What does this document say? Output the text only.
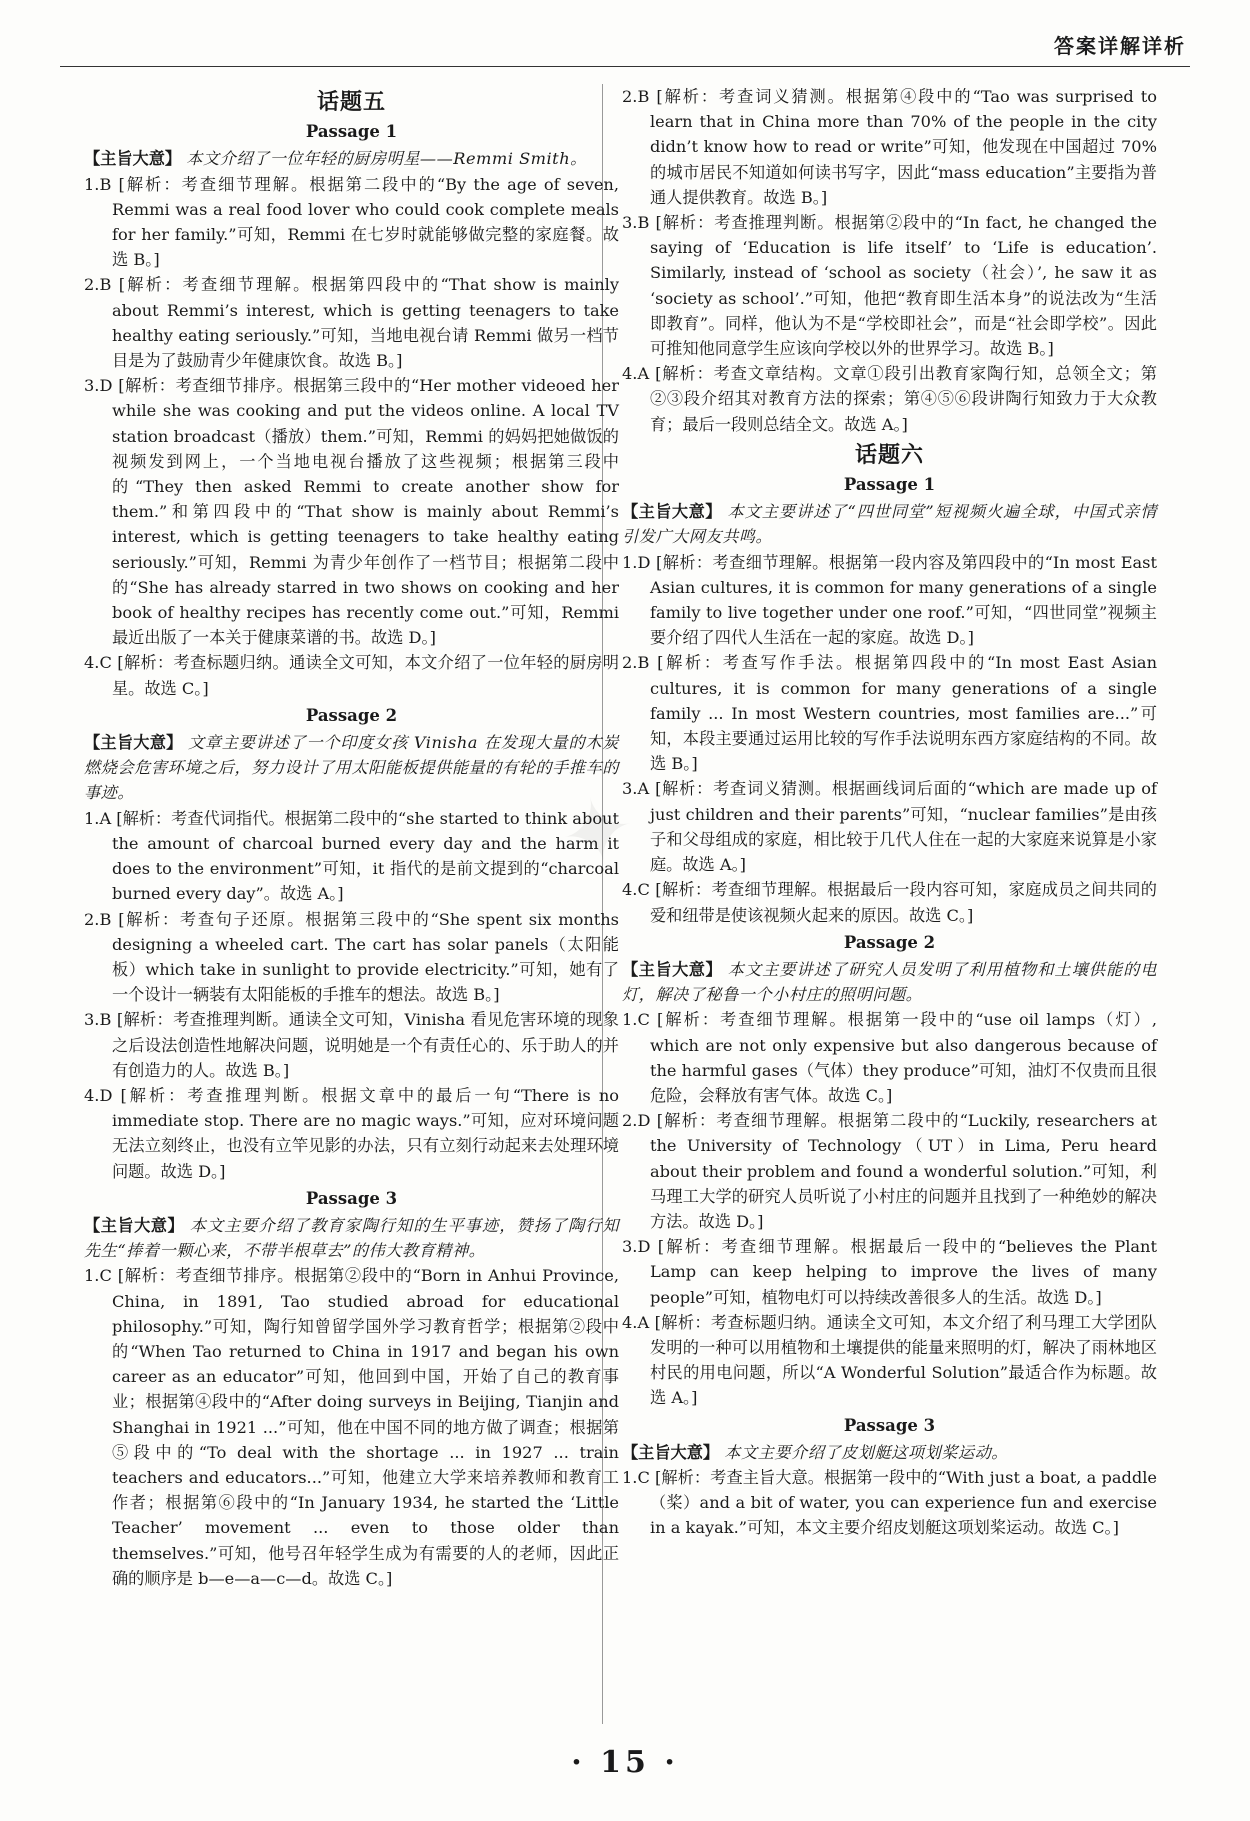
答案详解详析
✦
话题五
Passage 1

【主旨大意】 本文介绍了一位年轻的厨房明星——Remmi Smith。

1.B [解析：考查细节理解。根据第二段中的“By the age of seven, Remmi was a real food lover who could cook complete meals for her family.”可知，Remmi 在七岁时就能够做完整的家庭餐。故选 B。]

2.B [解析：考查细节理解。根据第四段中的“That show is mainly about Remmi’s interest, which is getting teenagers to take healthy eating seriously.”可知，当地电视台请 Remmi 做另一档节目是为了鼓励青少年健康饮食。故选 B。]

3.D [解析：考查细节排序。根据第三段中的“Her mother videoed her while she was cooking and put the videos online. A local TV station broadcast（播放）them.”可知，Remmi 的妈妈把她做饭的视频发到网上，一个当地电视台播放了这些视频；根据第三段中的“They then asked Remmi to create another show for them.”和第四段中的“That show is mainly about Remmi’s interest, which is getting teenagers to take healthy eating seriously.”可知，Remmi 为青少年创作了一档节目；根据第二段中的“She has already starred in two shows on cooking and her book of healthy recipes has recently come out.”可知，Remmi 最近出版了一本关于健康菜谱的书。故选 D。]

4.C [解析：考查标题归纳。通读全文可知，本文介绍了一位年轻的厨房明星。故选 C。]

Passage 2

【主旨大意】 文章主要讲述了一个印度女孩 Vinisha 在发现大量的木炭燃烧会危害环境之后，努力设计了用太阳能板提供能量的有轮的手推车的事迹。

1.A [解析：考查代词指代。根据第二段中的“she started to think about the amount of charcoal burned every day and the harm it does to the environment”可知，it 指代的是前文提到的“charcoal burned every day”。故选 A。]

2.B [解析：考查句子还原。根据第三段中的“She spent six months designing a wheeled cart. The cart has solar panels（太阳能板）which take in sunlight to provide electricity.”可知，她有了一个设计一辆装有太阳能板的手推车的想法。故选 B。]

3.B [解析：考查推理判断。通读全文可知，Vinisha 看见危害环境的现象之后设法创造性地解决问题，说明她是一个有责任心的、乐于助人的并有创造力的人。故选 B。]

4.D [解析：考查推理判断。根据文章中的最后一句“There is no immediate stop. There are no magic ways.”可知，应对环境问题无法立刻终止，也没有立竿见影的办法，只有立刻行动起来去处理环境问题。故选 D。]

Passage 3

【主旨大意】 本文主要介绍了教育家陶行知的生平事迹，赞扬了陶行知先生“捧着一颗心来，不带半根草去”的伟大教育精神。

1.C [解析：考查细节排序。根据第②段中的“Born in Anhui Province, China, in 1891, Tao studied abroad for educational philosophy.”可知，陶行知曾留学国外学习教育哲学；根据第②段中的“When Tao returned to China in 1917 and began his own career as an educator”可知，他回到中国，开始了自己的教育事业；根据第④段中的“After doing surveys in Beijing, Tianjin and Shanghai in 1921 ...”可知，他在中国不同的地方做了调查；根据第⑤段中的“To deal with the shortage ... in 1927 ... train teachers and educators...”可知，他建立大学来培养教师和教育工作者；根据第⑥段中的“In January 1934, he started the ‘Little Teacher’ movement ... even to those older than themselves.”可知，他号召年轻学生成为有需要的人的老师，因此正确的顺序是 b—e—a—c—d。故选 C。]

2.B [解析：考查词义猜测。根据第④段中的“Tao was surprised to learn that in China more than 70% of the people in the city didn’t know how to read or write”可知，他发现在中国超过 70% 的城市居民不知道如何读书写字，因此“mass education”主要指为普通人提供教育。故选 B。]

3.B [解析：考查推理判断。根据第②段中的“In fact, he changed the saying of ‘Education is life itself’ to ‘Life is education’. Similarly, instead of ‘school as society（社会）’, he saw it as ‘society as school’.”可知，他把“教育即生活本身”的说法改为“生活即教育”。同样，他认为不是“学校即社会”，而是“社会即学校”。因此可推知他同意学生应该向学校以外的世界学习。故选 B。]

4.A [解析：考查文章结构。文章①段引出教育家陶行知，总领全文；第②③段介绍其对教育方法的探索；第④⑤⑥段讲陶行知致力于大众教育；最后一段则总结全文。故选 A。]

话题六
Passage 1

【主旨大意】 本文主要讲述了“四世同堂”短视频火遍全球，中国式亲情引发广大网友共鸣。

1.D [解析：考查细节理解。根据第一段内容及第四段中的“In most East Asian cultures, it is common for many generations of a single family to live together under one roof.”可知，“四世同堂”视频主要介绍了四代人生活在一起的家庭。故选 D。]

2.B [解析：考查写作手法。根据第四段中的“In most East Asian cultures, it is common for many generations of a single family ... In most Western countries, most families are...”可知，本段主要通过运用比较的写作手法说明东西方家庭结构的不同。故选 B。]

3.A [解析：考查词义猜测。根据画线词后面的“which are made up of just children and their parents”可知，“nuclear families”是由孩子和父母组成的家庭，相比较于几代人住在一起的大家庭来说算是小家庭。故选 A。]

4.C [解析：考查细节理解。根据最后一段内容可知，家庭成员之间共同的爱和纽带是使该视频火起来的原因。故选 C。]

Passage 2

【主旨大意】 本文主要讲述了研究人员发明了利用植物和土壤供能的电灯，解决了秘鲁一个小村庄的照明问题。

1.C [解析：考查细节理解。根据第一段中的“use oil lamps（灯）, which are not only expensive but also dangerous because of the harmful gases（气体）they produce”可知，油灯不仅贵而且很危险，会释放有害气体。故选 C。]

2.D [解析：考查细节理解。根据第二段中的“Luckily, researchers at the University of Technology（UT）in Lima, Peru heard about their problem and found a wonderful solution.”可知，利马理工大学的研究人员听说了小村庄的问题并且找到了一种绝妙的解决方法。故选 D。]

3.D [解析：考查细节理解。根据最后一段中的“believes the Plant Lamp can keep helping to improve the lives of many people”可知，植物电灯可以持续改善很多人的生活。故选 D。]

4.A [解析：考查标题归纳。通读全文可知，本文介绍了利马理工大学团队发明的一种可以用植物和土壤提供的能量来照明的灯，解决了雨林地区村民的用电问题，所以“A Wonderful Solution”最适合作为标题。故选 A。]

Passage 3

【主旨大意】 本文主要介绍了皮划艇这项划桨运动。

1.C [解析：考查主旨大意。根据第一段中的“With just a boat, a paddle（桨）and a bit of water, you can experience fun and exercise in a kayak.”可知，本文主要介绍皮划艇这项划桨运动。故选 C。]

· 15 ·
